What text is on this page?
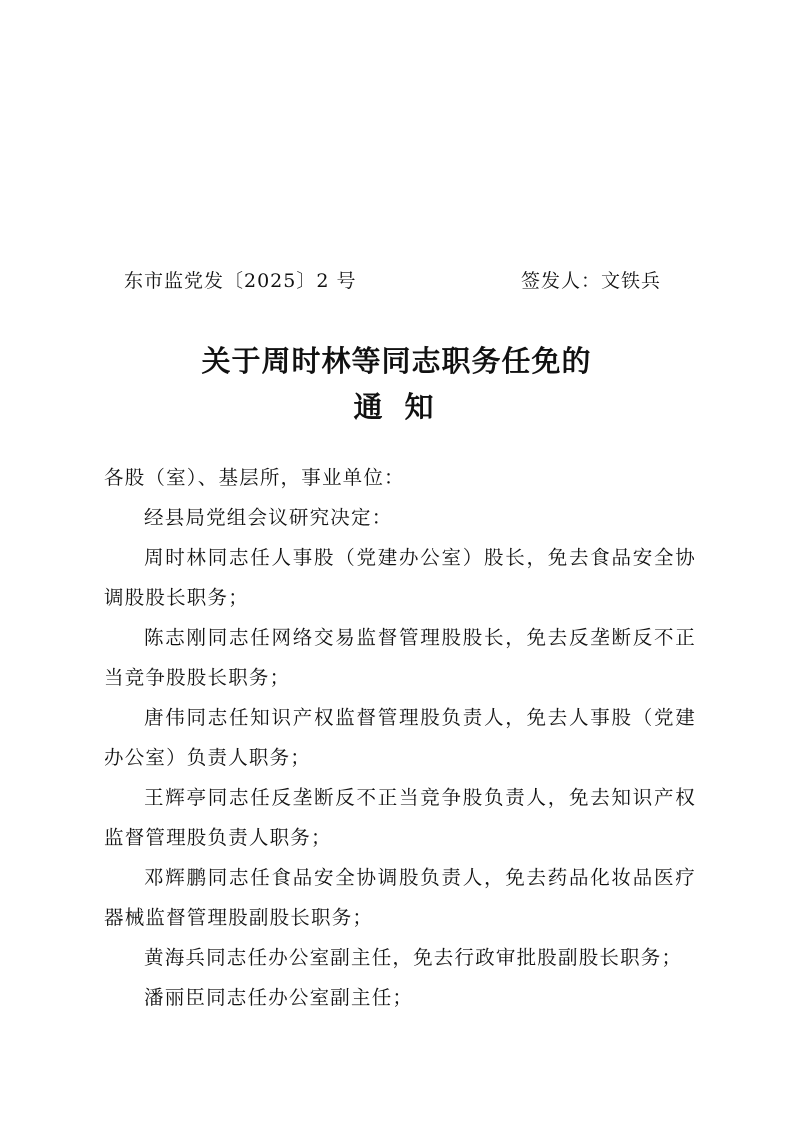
东市监党发〔2025〕2 号	签发人：文铁兵
关于周时林等同志职务任免的
通知

各股（室）、基层所，事业单位：

经县局党组会议研究决定：

周时林同志任人事股（党建办公室）股长，免去食品安全协调股股长职务；

陈志刚同志任网络交易监督管理股股长，免去反垄断反不正当竞争股股长职务；

唐伟同志任知识产权监督管理股负责人，免去人事股（党建办公室）负责人职务；

王辉亭同志任反垄断反不正当竞争股负责人，免去知识产权监督管理股负责人职务；

邓辉鹏同志任食品安全协调股负责人，免去药品化妆品医疗器械监督管理股副股长职务；

黄海兵同志任办公室副主任，免去行政审批股副股长职务；

潘丽臣同志任办公室副主任；
